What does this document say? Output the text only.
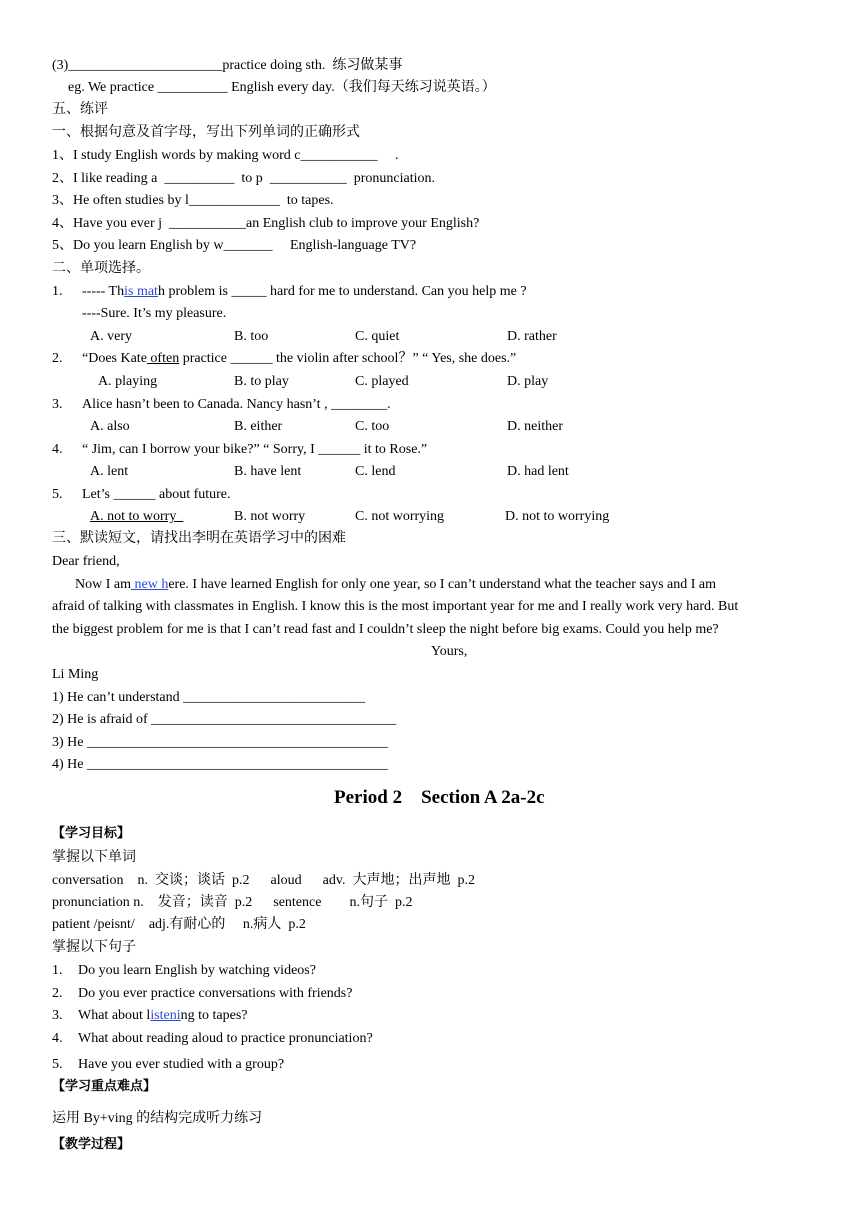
(3)______________________practice doing sth.  练习做某事
eg. We practice __________ English every day.（我们每天练习说英语。）
五、练评
一、根据句意及首字母，写出下列单词的正确形式
1、I study English words by making word c___________     .
2、I like reading a  __________  to p  ___________  pronunciation.
3、He often studies by l_____________  to tapes.
4、Have you ever j  ___________an English club to improve your English?
5、Do you learn English by w_______     English-language TV?
二、单项选择。
1. ----- This math problem is _____ hard for me to understand. Can you help me ?
----Sure. It’s my pleasure.
A. very	B. too	C. quiet	D. rather
2. “Does Kate often practice ______ the violin after school？” “ Yes, she does.”
A. playing	B. to play	C. played	D. play
3. Alice hasn’t been to Canada. Nancy hasn’t , ________.
A. also	B. either	C. too	D. neither
4. “ Jim, can I borrow your bike?” “ Sorry, I ______ it to Rose.”
A. lent	B. have lent	C. lend	D. had lent
5. Let’s ______ about future.
A. not to worry	B. not worry	C. not worrying	D. not to worrying
三、默读短文，请找出李明在英语学习中的困难
Dear friend,
Now I am new here. I have learned English for only one year, so I can’t understand what the teacher says and I am
afraid of talking with classmates in English. I know this is the most important year for me and I really work very hard. But
the biggest problem for me is that I can’t read fast and I couldn’t sleep the night before big exams. Could you help me?
Yours,
Li Ming
1) He can’t understand __________________________
2) He is afraid of ___________________________________
3) He ___________________________________________
4) He ___________________________________________
Period 2    Section A 2a-2c
【学习目标】
掌握以下单词
conversation    n.  交谈；谈话  p.2      aloud      adv.  大声地；出声地  p.2
pronunciation n.    发音；读音  p.2      sentence        n.句子  p.2
patient /peisnt/    adj.有耐心的     n.病人  p.2
掌握以下句子
1. Do you learn English by watching videos?
2. Do you ever practice conversations with friends?
3. What about listening to tapes?
4. What about reading aloud to practice pronunciation?
5. Have you ever studied with a group?
【学习重点难点】
运用 By+ving 的结构完成听力练习
【教学过程】
